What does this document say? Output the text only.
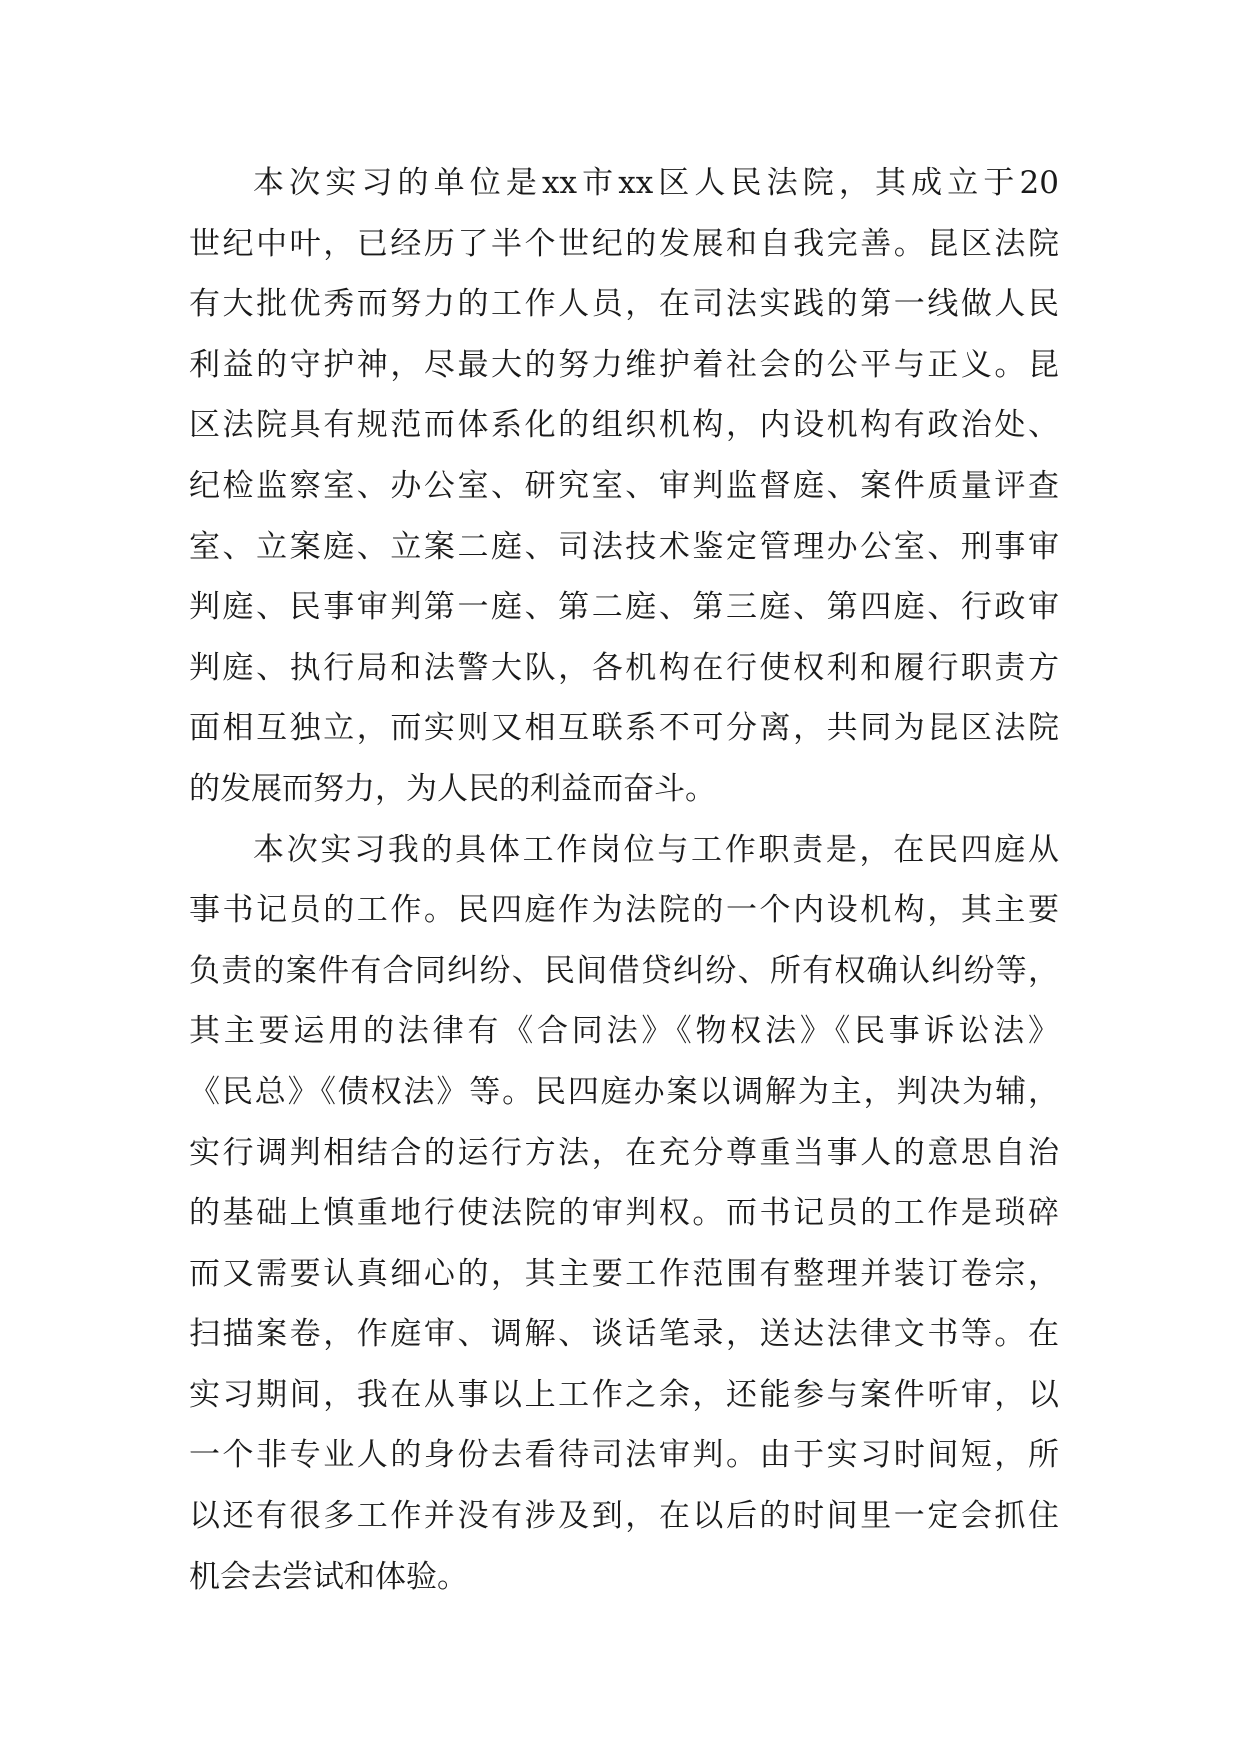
本次实习的单位是xx市xx区人民法院，其成立于20
世纪中叶，已经历了半个世纪的发展和自我完善。昆区法院
有大批优秀而努力的工作人员，在司法实践的第一线做人民
利益的守护神，尽最大的努力维护着社会的公平与正义。昆
区法院具有规范而体系化的组织机构，内设机构有政治处、
纪检监察室、办公室、研究室、审判监督庭、案件质量评查
室、立案庭、立案二庭、司法技术鉴定管理办公室、刑事审
判庭、民事审判第一庭、第二庭、第三庭、第四庭、行政审
判庭、执行局和法警大队，各机构在行使权利和履行职责方
面相互独立，而实则又相互联系不可分离，共同为昆区法院
的发展而努力，为人民的利益而奋斗。
本次实习我的具体工作岗位与工作职责是，在民四庭从
事书记员的工作。民四庭作为法院的一个内设机构，其主要
负责的案件有合同纠纷、民间借贷纠纷、所有权确认纠纷等，
其主要运用的法律有《合同法》《物权法》《民事诉讼法》
《民总》《债权法》等。民四庭办案以调解为主，判决为辅，
实行调判相结合的运行方法，在充分尊重当事人的意思自治
的基础上慎重地行使法院的审判权。而书记员的工作是琐碎
而又需要认真细心的，其主要工作范围有整理并装订卷宗，
扫描案卷，作庭审、调解、谈话笔录，送达法律文书等。在
实习期间，我在从事以上工作之余，还能参与案件听审，以
一个非专业人的身份去看待司法审判。由于实习时间短，所
以还有很多工作并没有涉及到，在以后的时间里一定会抓住
机会去尝试和体验。
